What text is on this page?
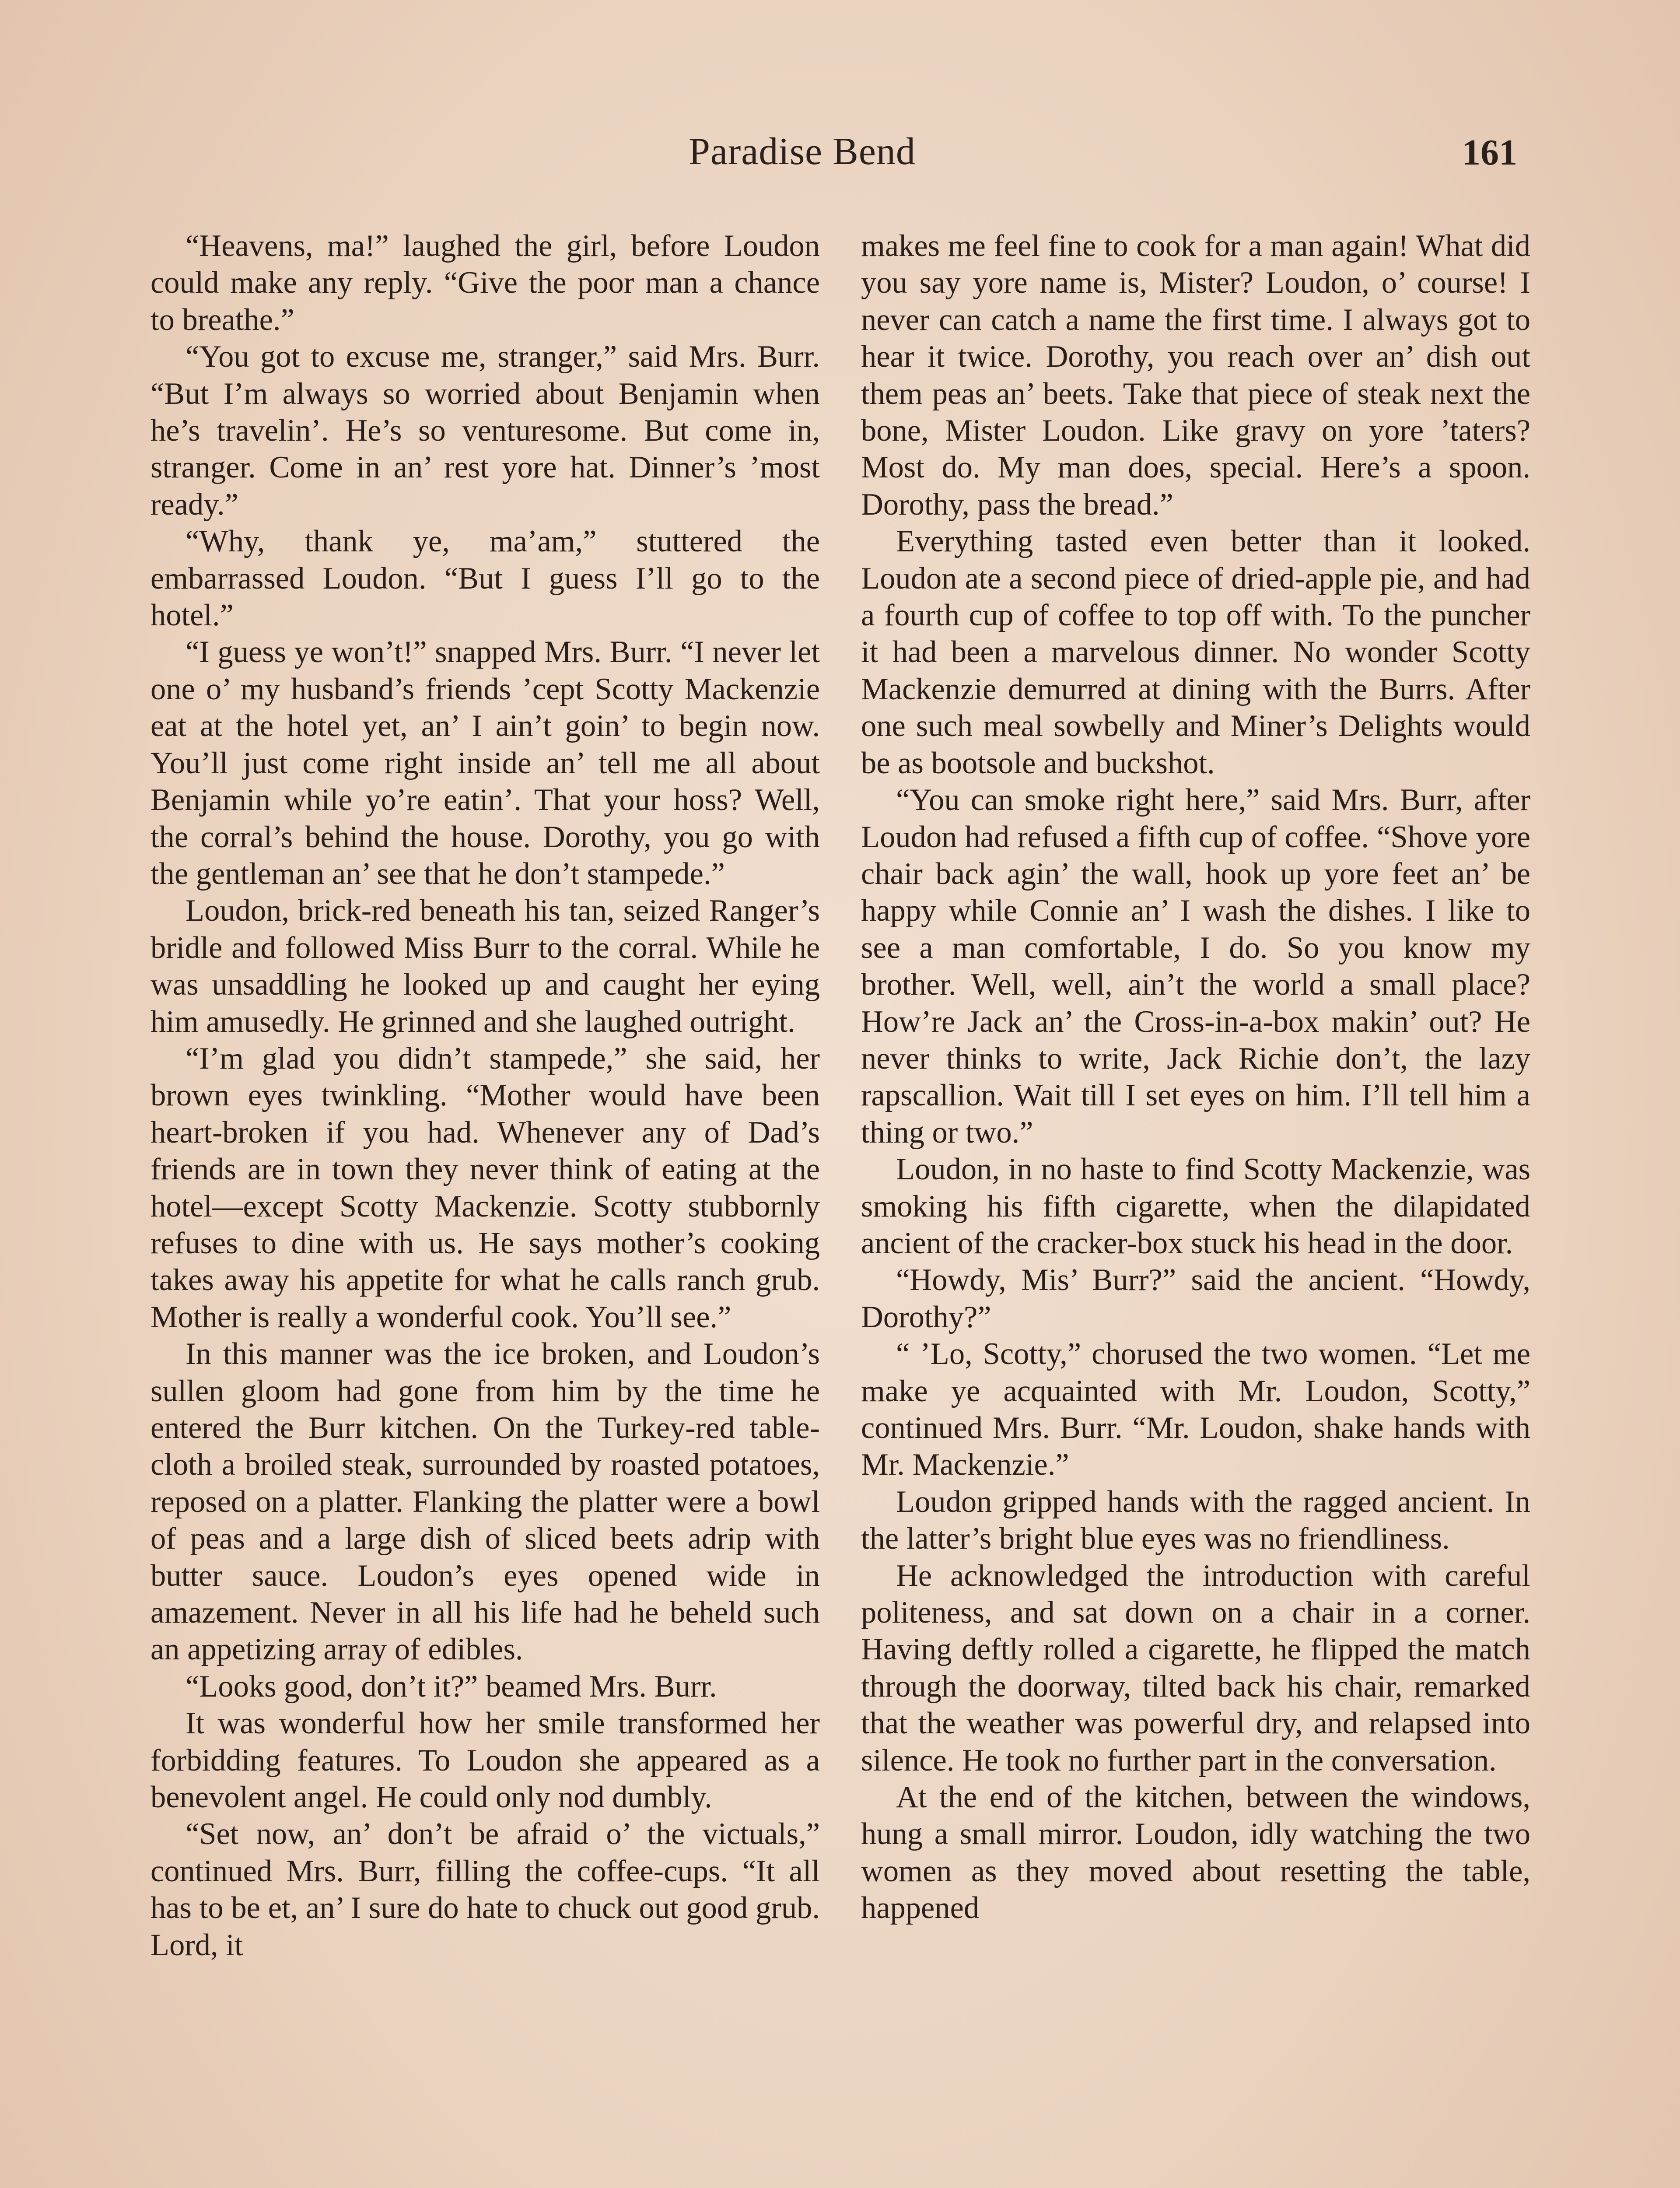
Paradise Bend	161

“Heavens, ma!” laughed the girl, before Loudon could make any reply. “Give the poor man a chance to breathe.”

“You got to excuse me, stranger,” said Mrs. Burr. “But I’m always so worried about Benjamin when he’s travelin’. He’s so venturesome. But come in, stranger. Come in an’ rest yore hat. Dinner’s ’most ready.”

“Why, thank ye, ma’am,” stuttered the embarrassed Loudon. “But I guess I’ll go to the hotel.”

“I guess ye won’t!” snapped Mrs. Burr. “I never let one o’ my husband’s friends ’cept Scotty Mackenzie eat at the hotel yet, an’ I ain’t goin’ to begin now. You’ll just come right inside an’ tell me all about Benjamin while yo’re eatin’. That your hoss? Well, the corral’s behind the house. Dorothy, you go with the gentleman an’ see that he don’t stampede.”

Loudon, brick-red beneath his tan, seized Ranger’s bridle and followed Miss Burr to the corral. While he was unsaddling he looked up and caught her eying him amusedly. He grinned and she laughed outright.

“I’m glad you didn’t stampede,” she said, her brown eyes twinkling. “Mother would have been heart-broken if you had. Whenever any of Dad’s friends are in town they never think of eating at the hotel—except Scotty Mackenzie. Scotty stubbornly refuses to dine with us. He says mother’s cooking takes away his appetite for what he calls ranch grub. Mother is really a wonderful cook. You’ll see.”

In this manner was the ice broken, and Loudon’s sullen gloom had gone from him by the time he entered the Burr kitchen. On the Turkey-red table-cloth a broiled steak, surrounded by roasted potatoes, reposed on a platter. Flanking the platter were a bowl of peas and a large dish of sliced beets adrip with butter sauce. Loudon’s eyes opened wide in amazement. Never in all his life had he beheld such an appetizing array of edibles.

“Looks good, don’t it?” beamed Mrs. Burr.

It was wonderful how her smile transformed her forbidding features. To Loudon she appeared as a benevolent angel. He could only nod dumbly.

“Set now, an’ don’t be afraid o’ the victuals,” continued Mrs. Burr, filling the coffee-cups. “It all has to be et, an’ I sure do hate to chuck out good grub. Lord, it

makes me feel fine to cook for a man again! What did you say yore name is, Mister? Loudon, o’ course! I never can catch a name the first time. I always got to hear it twice. Dorothy, you reach over an’ dish out them peas an’ beets. Take that piece of steak next the bone, Mister Loudon. Like gravy on yore ’taters? Most do. My man does, special. Here’s a spoon. Dorothy, pass the bread.”

Everything tasted even better than it looked. Loudon ate a second piece of dried-apple pie, and had a fourth cup of coffee to top off with. To the puncher it had been a marvelous dinner. No wonder Scotty Mackenzie demurred at dining with the Burrs. After one such meal sowbelly and Miner’s Delights would be as bootsole and buckshot.

“You can smoke right here,” said Mrs. Burr, after Loudon had refused a fifth cup of coffee. “Shove yore chair back agin’ the wall, hook up yore feet an’ be happy while Connie an’ I wash the dishes. I like to see a man comfortable, I do. So you know my brother. Well, well, ain’t the world a small place? How’re Jack an’ the Cross-in-a-box makin’ out? He never thinks to write, Jack Richie don’t, the lazy rapscallion. Wait till I set eyes on him. I’ll tell him a thing or two.”

Loudon, in no haste to find Scotty Mackenzie, was smoking his fifth cigarette, when the dilapidated ancient of the cracker-box stuck his head in the door.

“Howdy, Mis’ Burr?” said the ancient. “Howdy, Dorothy?”

“ ’Lo, Scotty,” chorused the two women. “Let me make ye acquainted with Mr. Loudon, Scotty,” continued Mrs. Burr. “Mr. Loudon, shake hands with Mr. Mackenzie.”

Loudon gripped hands with the ragged ancient. In the latter’s bright blue eyes was no friendliness.

He acknowledged the introduction with careful politeness, and sat down on a chair in a corner. Having deftly rolled a cigarette, he flipped the match through the doorway, tilted back his chair, remarked that the weather was powerful dry, and relapsed into silence. He took no further part in the conversation.

At the end of the kitchen, between the windows, hung a small mirror. Loudon, idly watching the two women as they moved about resetting the table, happened
